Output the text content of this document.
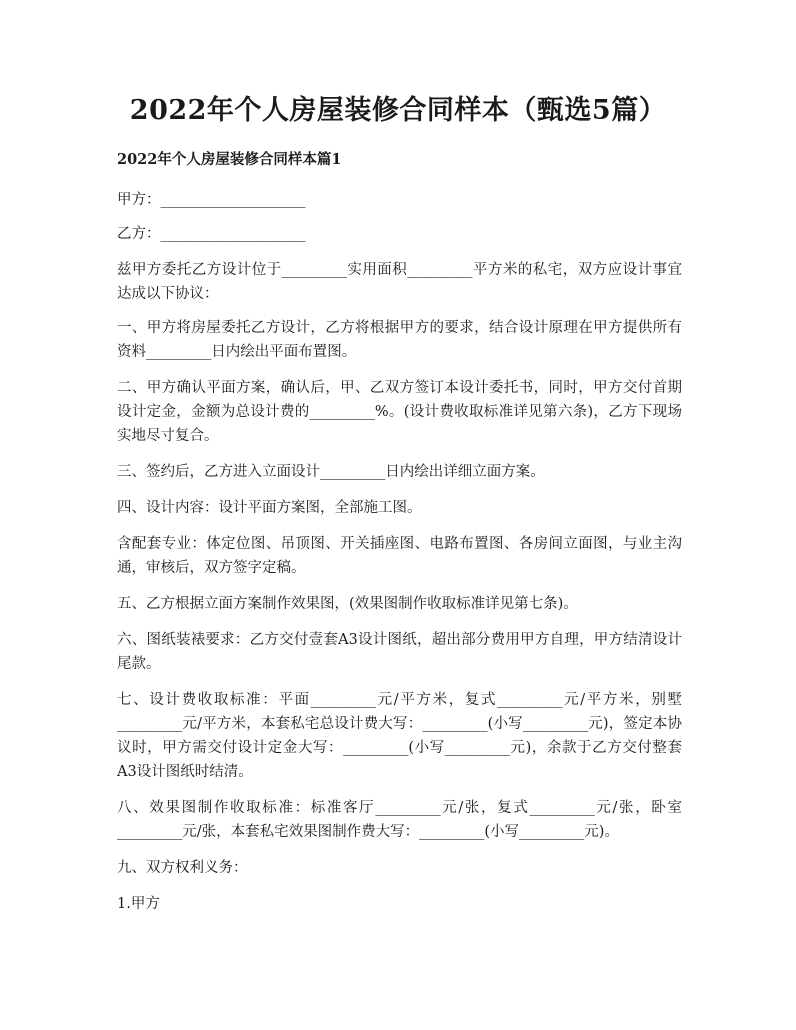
2022年个人房屋装修合同样本（甄选5篇）
2022年个人房屋装修合同样本篇1
甲方：____________________
乙方：____________________
兹甲方委托乙方设计位于_________实用面积_________平方米的私宅，双方应设计事宜达成以下协议：
一、甲方将房屋委托乙方设计，乙方将根据甲方的要求，结合设计原理在甲方提供所有资料_________日内绘出平面布置图。
二、甲方确认平面方案，确认后，甲、乙双方签订本设计委托书，同时，甲方交付首期设计定金，金额为总设计费的_________%。(设计费收取标准详见第六条)，乙方下现场实地尽寸复合。
三、签约后，乙方进入立面设计_________日内绘出详细立面方案。
四、设计内容：设计平面方案图，全部施工图。
含配套专业：体定位图、吊顶图、开关插座图、电路布置图、各房间立面图，与业主沟通，审核后，双方签字定稿。
五、乙方根据立面方案制作效果图，(效果图制作收取标准详见第七条)。
六、图纸装裱要求：乙方交付壹套A3设计图纸，超出部分费用甲方自理，甲方结清设计尾款。
七、设计费收取标准：平面_________元/平方米，复式_________元/平方米，别墅_________元/平方米，本套私宅总设计费大写：_________(小写_________元)，签定本协议时，甲方需交付设计定金大写：_________(小写_________元)，余款于乙方交付整套A3设计图纸时结清。
八、效果图制作收取标准：标准客厅_________元/张，复式_________元/张，卧室_________元/张，本套私宅效果图制作费大写：_________(小写_________元)。
九、双方权利义务：
1.甲方
